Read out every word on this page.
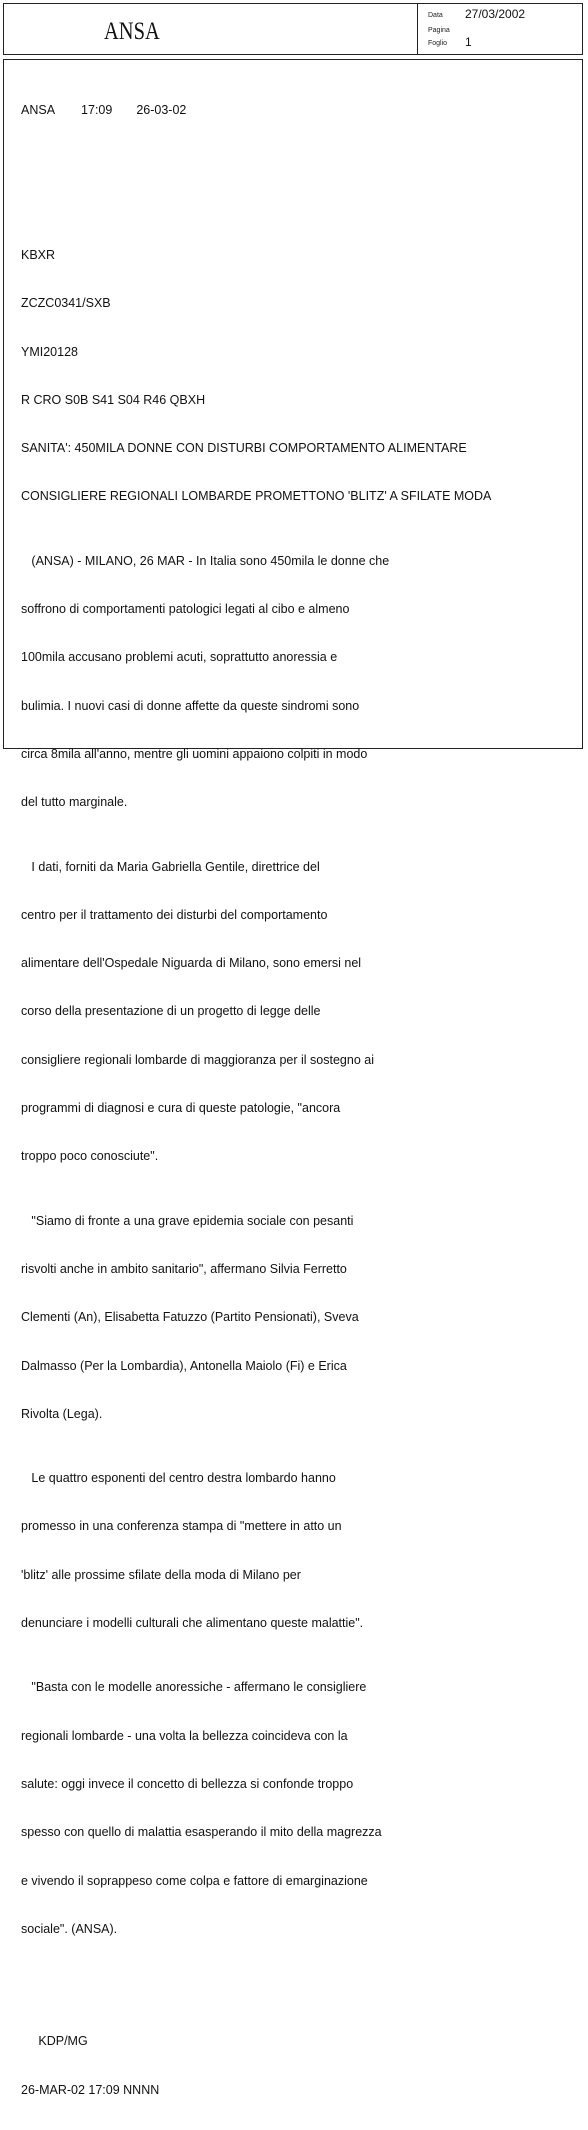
ANSA
Data 27/03/2002
Pagina
Foglio 1

ANSA 17:09 26-03-02

KBXR

ZCZC0341/SXB

YMI20128

R CRO S0B S41 S04 R46 QBXH

SANITA': 450MILA DONNE CON DISTURBI COMPORTAMENTO ALIMENTARE

CONSIGLIERE REGIONALI LOMBARDE PROMETTONO 'BLITZ' A SFILATE MODA

(ANSA) - MILANO, 26 MAR - In Italia sono 450mila le donne che

soffrono di comportamenti patologici legati al cibo e almeno

100mila accusano problemi acuti, soprattutto anoressia e

bulimia. I nuovi casi di donne affette da queste sindromi sono

circa 8mila all'anno, mentre gli uomini appaiono colpiti in modo

del tutto marginale.

I dati, forniti da Maria Gabriella Gentile, direttrice del

centro per il trattamento dei disturbi del comportamento

alimentare dell'Ospedale Niguarda di Milano, sono emersi nel

corso della presentazione di un progetto di legge delle

consigliere regionali lombarde di maggioranza per il sostegno ai

programmi di diagnosi e cura di queste patologie, "ancora

troppo poco conosciute".

"Siamo di fronte a una grave epidemia sociale con pesanti

risvolti anche in ambito sanitario", affermano Silvia Ferretto

Clementi (An), Elisabetta Fatuzzo (Partito Pensionati), Sveva

Dalmasso (Per la Lombardia), Antonella Maiolo (Fi) e Erica

Rivolta (Lega).

Le quattro esponenti del centro destra lombardo hanno

promesso in una conferenza stampa di "mettere in atto un

'blitz' alle prossime sfilate della moda di Milano per

denunciare i modelli culturali che alimentano queste malattie".

"Basta con le modelle anoressiche - affermano le consigliere

regionali lombarde - una volta la bellezza coincideva con la

salute: oggi invece il concetto di bellezza si confonde troppo

spesso con quello di malattia esasperando il mito della magrezza

e vivendo il soprappeso come colpa e fattore di emarginazione

sociale". (ANSA).

KDP/MG

26-MAR-02 17:09 NNNN
